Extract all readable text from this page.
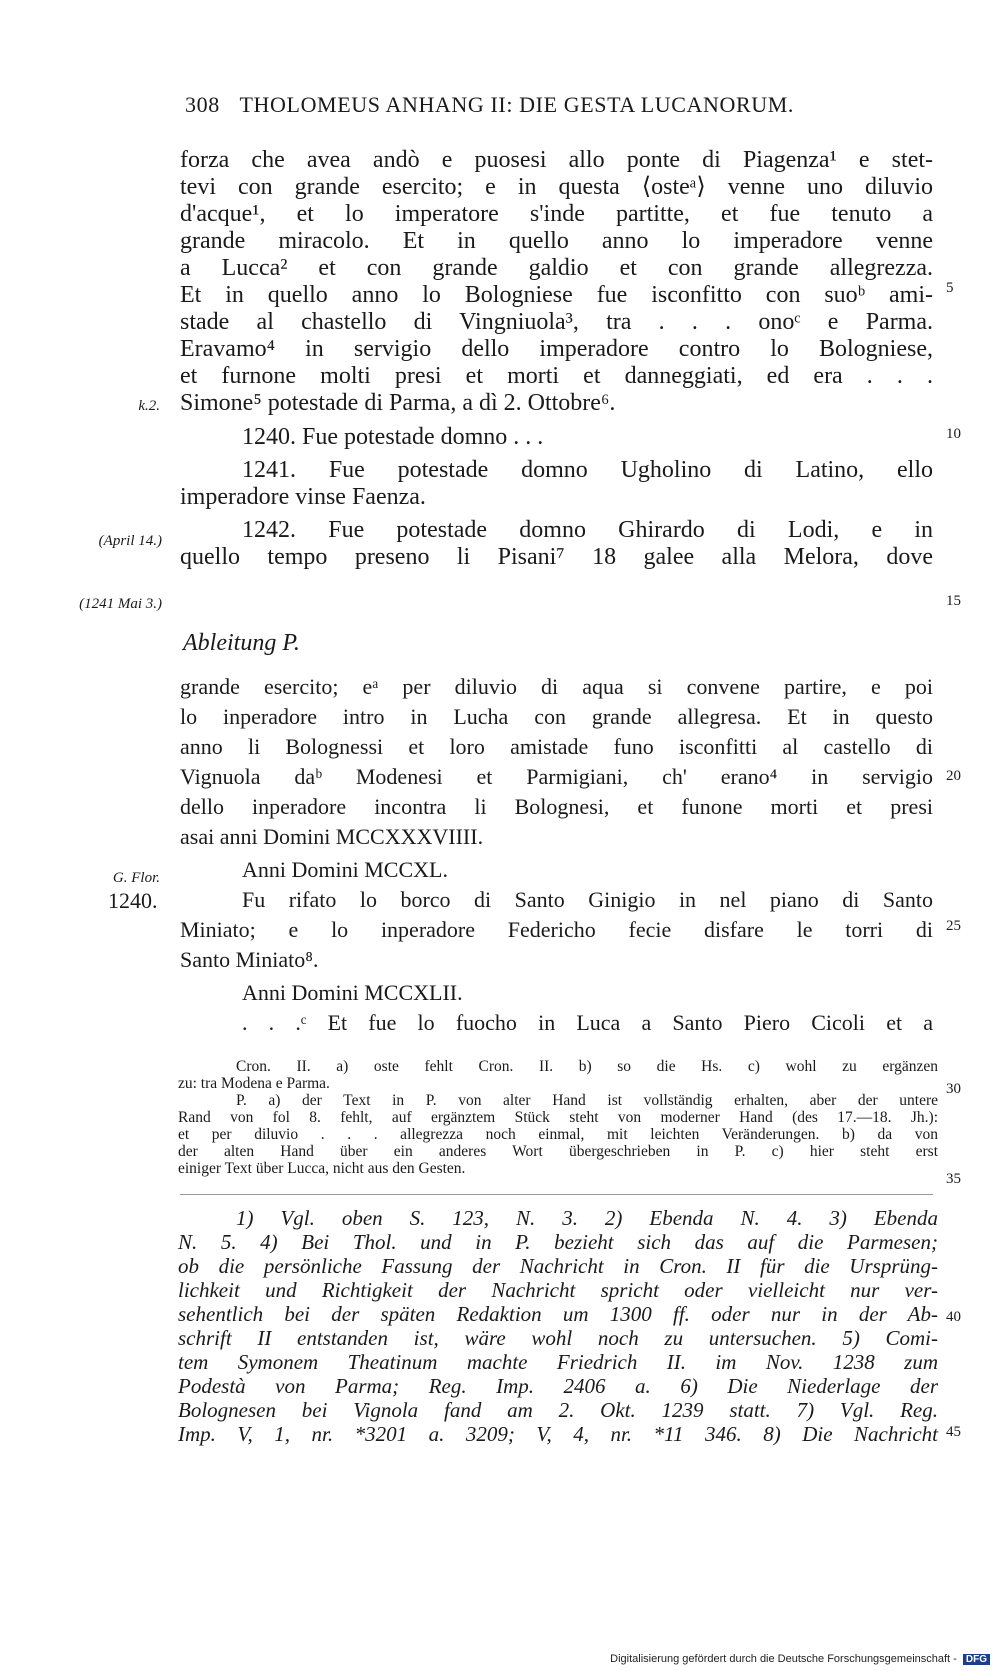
308 THOLOMEUS ANHANG II: DIE GESTA LUCANORUM.
forza che avea andò e puosesi allo ponte di Piagenza¹ e stet-
tevi con grande esercito; e in questa ⟨osteᵃ⟩ venne uno diluvio
d'acque¹, et lo imperatore s'inde partitte, et fue tenuto a
grande miracolo. Et in quello anno lo imperadore venne
a Lucca² et con grande galdio et con grande allegrezza.
Et in quello anno lo Bologniese fue isconfitto con suoᵇ ami-
stade al chastello di Vingniuola³, tra . . . onoᶜ e Parma.
Eravamo⁴ in servigio dello imperadore contro lo Bologniese,
et furnone molti presi et morti et danneggiati, ed era . . .
Simone⁵ potestade di Parma, a dì 2. Ottobre⁶.
1240. Fue potestade domno . . .
1241. Fue potestade domno Ugholino di Latino, ello
imperadore vinse Faenza.
1242. Fue potestade domno Ghirardo di Lodi, e in
quello tempo preseno li Pisani⁷ 18 galee alla Melora, dove
k.2.
(April 14.)
(1241 Mai 3.)
G. Flor.
1240.
5
10
15
20
25
30
35
40
45
Ableitung P.
grande esercito; eᵃ per diluvio di aqua si convene partire, e poi
lo inperadore intro in Lucha con grande allegresa. Et in questo
anno li Bolognessi et loro amistade funo isconfitti al castello di
Vignuola daᵇ Modenesi et Parmigiani, ch' erano⁴ in servigio
dello inperadore incontra li Bolognesi, et funone morti et presi
asai anni Domini MCCXXXVIIII.
Anni Domini MCCXL.
Fu rifato lo borco di Santo Ginigio in nel piano di Santo
Miniato; e lo inperadore Federicho fecie disfare le torri di
Santo Miniato⁸.
Anni Domini MCCXLII.
. . .ᶜ Et fue lo fuocho in Luca a Santo Piero Cicoli et a
Cron. II. a) oste fehlt Cron. II. b) so die Hs. c) wohl zu ergänzen
zu: tra Modena e Parma.
P. a) der Text in P. von alter Hand ist vollständig erhalten, aber der untere
Rand von fol 8. fehlt, auf ergänztem Stück steht von moderner Hand (des 17.—18. Jh.):
et per diluvio . . . allegrezza noch einmal, mit leichten Veränderungen. b) da von
der alten Hand über ein anderes Wort übergeschrieben in P. c) hier steht erst
einiger Text über Lucca, nicht aus den Gesten.
1) Vgl. oben S. 123, N. 3. 2) Ebenda N. 4. 3) Ebenda
N. 5. 4) Bei Thol. und in P. bezieht sich das auf die Parmesen;
ob die persönliche Fassung der Nachricht in Cron. II für die Ursprüng-
lichkeit und Richtigkeit der Nachricht spricht oder vielleicht nur ver-
sehentlich bei der späten Redaktion um 1300 ff. oder nur in der Ab-
schrift II entstanden ist, wäre wohl noch zu untersuchen. 5) Comi-
tem Symonem Theatinum machte Friedrich II. im Nov. 1238 zum
Podestà von Parma; Reg. Imp. 2406 a. 6) Die Niederlage der
Bolognesen bei Vignola fand am 2. Okt. 1239 statt. 7) Vgl. Reg.
Imp. V, 1, nr. *3201 a. 3209; V, 4, nr. *11 346. 8) Die Nachricht
Digitalisierung gefördert durch die Deutsche Forschungsgemeinschaft - DFG
